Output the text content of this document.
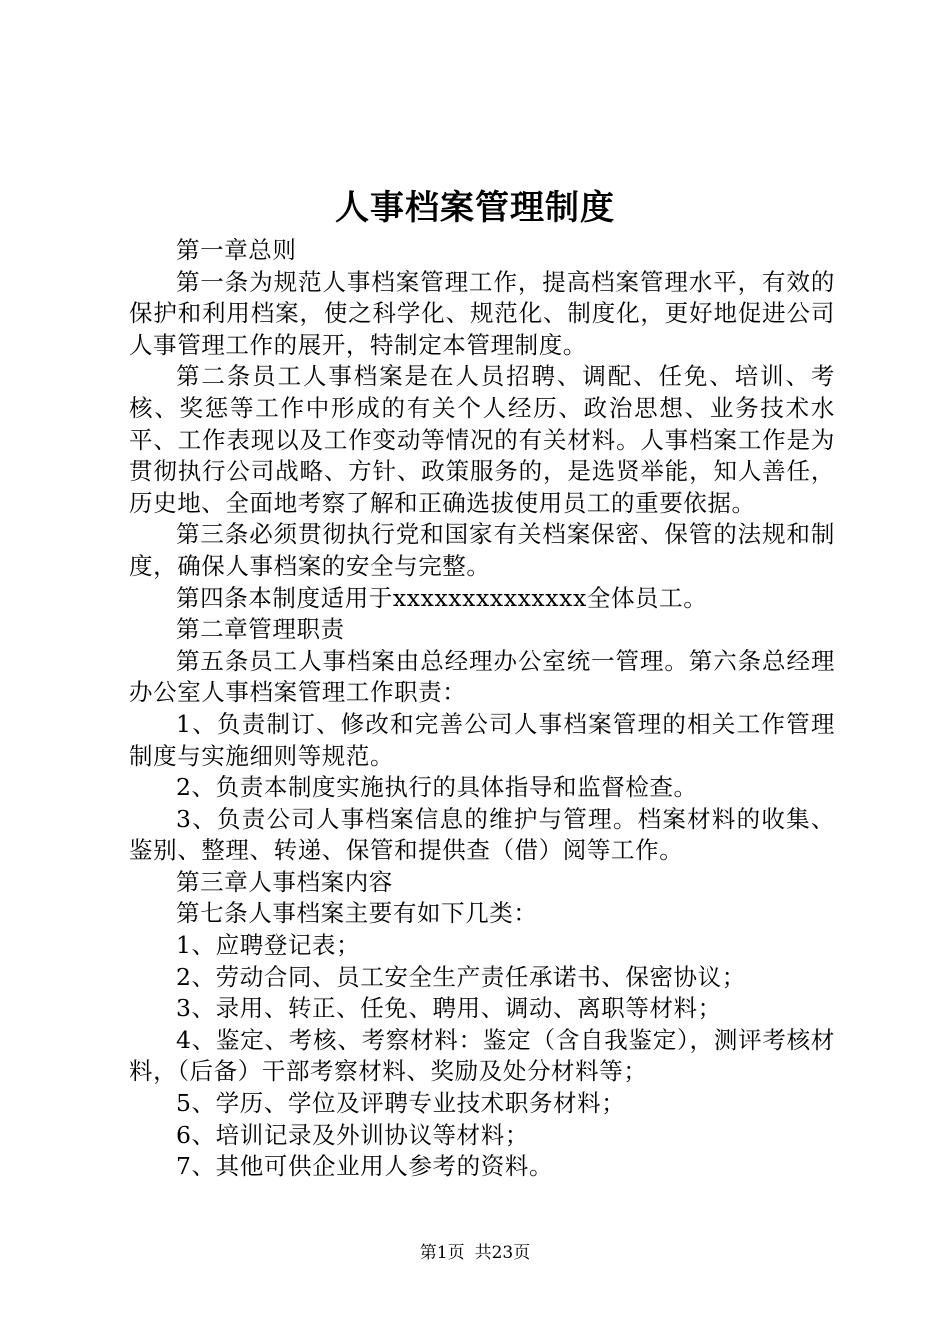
人事档案管理制度

第一章总则

第一条为规范人事档案管理工作，提高档案管理水平，有效的保护和利用档案，使之科学化、规范化、制度化，更好地促进公司人事管理工作的展开，特制定本管理制度。

第二条员工人事档案是在人员招聘、调配、任免、培训、考核、奖惩等工作中形成的有关个人经历、政治思想、业务技术水平、工作表现以及工作变动等情况的有关材料。人事档案工作是为贯彻执行公司战略、方针、政策服务的，是选贤举能，知人善任，历史地、全面地考察了解和正确选拔使用员工的重要依据。

第三条必须贯彻执行党和国家有关档案保密、保管的法规和制度，确保人事档案的安全与完整。

第四条本制度适用于xxxxxxxxxxxxxx全体员工。

第二章管理职责

第五条员工人事档案由总经理办公室统一管理。第六条总经理办公室人事档案管理工作职责：

1、负责制订、修改和完善公司人事档案管理的相关工作管理制度与实施细则等规范。

2、负责本制度实施执行的具体指导和监督检查。

3、负责公司人事档案信息的维护与管理。档案材料的收集、鉴别、整理、转递、保管和提供查（借）阅等工作。

第三章人事档案内容

第七条人事档案主要有如下几类：

1、应聘登记表；

2、劳动合同、员工安全生产责任承诺书、保密协议；

3、录用、转正、任免、聘用、调动、离职等材料；

4、鉴定、考核、考察材料：鉴定（含自我鉴定），测评考核材料，（后备）干部考察材料、奖励及处分材料等；

5、学历、学位及评聘专业技术职务材料；

6、培训记录及外训协议等材料；

7、其他可供企业用人参考的资料。

第1页 共23页
